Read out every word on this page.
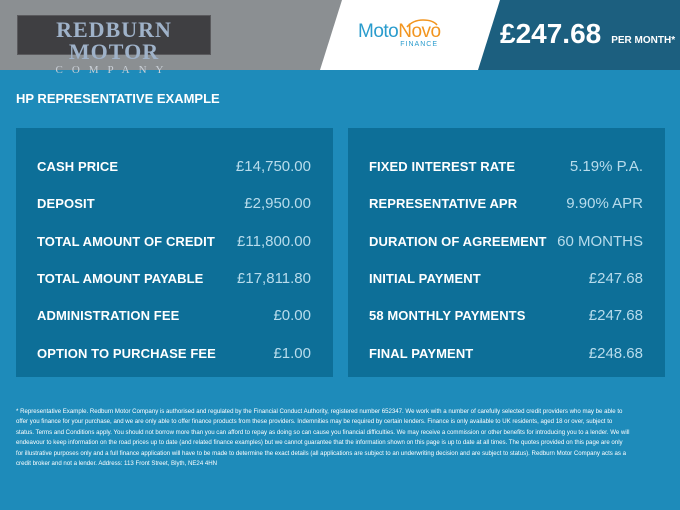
REDBURN MOTOR
COMPANY
MotoNovo
FINANCE £247.68 PER MONTH*
HP REPRESENTATIVE EXAMPLE
CASH PRICE	£14,750.00
DEPOSIT	£2,950.00
TOTAL AMOUNT OF CREDIT £11,800.00
TOTAL AMOUNT PAYABLE £17,811.80
ADMINISTRATION FEE	£0.00
OPTION TO PURCHASE FEE	£1.00
FIXED INTEREST RATE	5.19% P.A.
REPRESENTATIVE APR	9.90% APR
DURATION OF AGREEMENT 60 MONTHS
INITIAL PAYMENT	£247.68
58 MONTHLY PAYMENTS	£247.68
FINAL PAYMENT	£248.68
* Representative Example. Redburn Motor Company is authorised and regulated by the Financial Conduct Authority, registered number 652347. We work with a number of carefully selected credit providers who may be able to offer you finance for your purchase, and we are only able to offer finance products from these providers. Indemnities may be required by certain lenders. Finance is only available to UK residents, aged 18 or over, subject to status. Terms and Conditions apply. You should not borrow more than you can afford to repay as doing so can cause you financial difficulties. We may receive a commission or other benefits for introducing you to a lender. We will endeavour to keep information on the road prices up to date (and related finance examples) but we cannot guarantee that the information shown on this page is up to date at all times. The quotes provided on this page are only for illustrative purposes only and a full finance application will have to be made to determine the exact details (all applications are subject to an underwriting decision and are subject to status). Redburn Motor Company acts as a credit broker and not a lender. Address: 113 Front Street, Blyth, NE24 4HN
